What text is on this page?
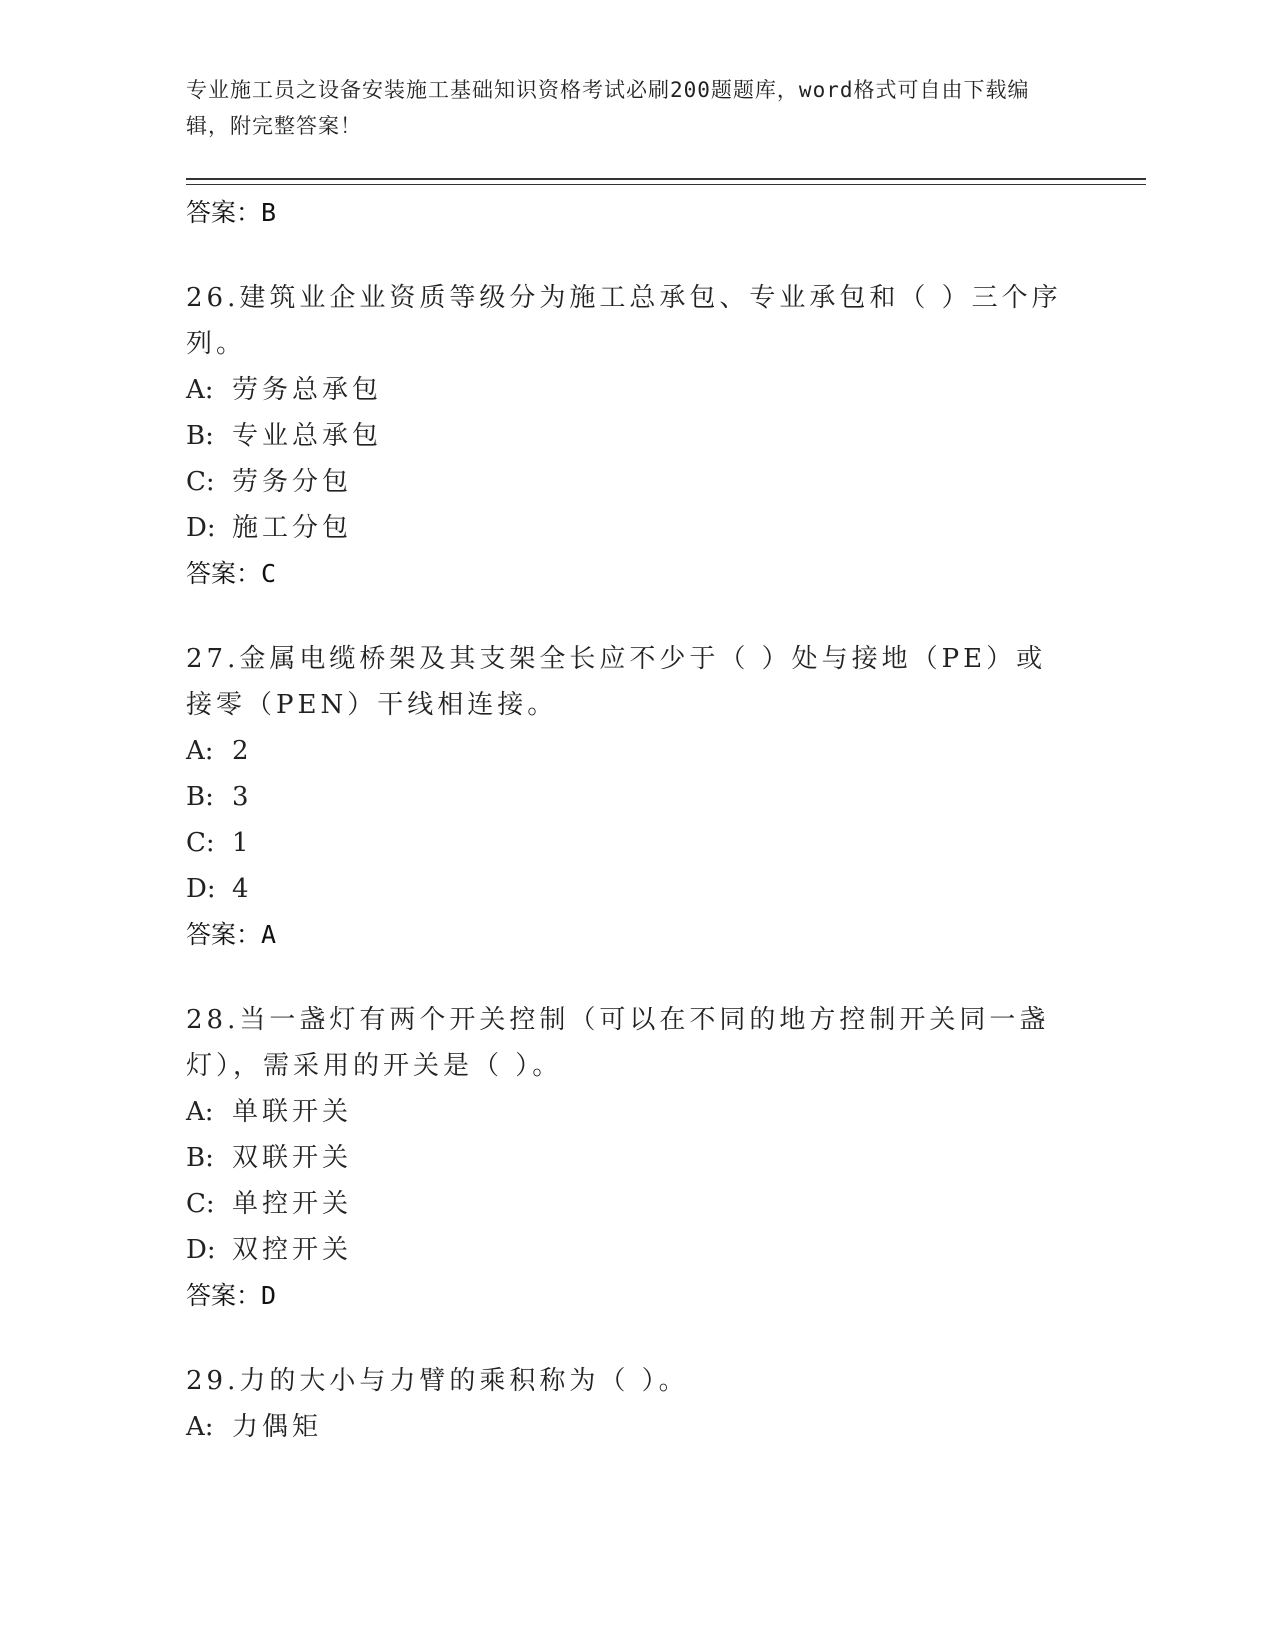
专业施工员之设备安装施工基础知识资格考试必刷200题题库，word格式可自由下载编辑，附完整答案！
答案：B
26.建筑业企业资质等级分为施工总承包、专业承包和（ ）三个序列。
A: 劳务总承包
B: 专业总承包
C: 劳务分包
D: 施工分包
答案：C
27.金属电缆桥架及其支架全长应不少于（ ）处与接地（PE）或接零（PEN）干线相连接。
A: 2
B: 3
C: 1
D: 4
答案：A
28.当一盏灯有两个开关控制（可以在不同的地方控制开关同一盏灯），需采用的开关是（ ）。
A: 单联开关
B: 双联开关
C: 单控开关
D: 双控开关
答案：D
29.力的大小与力臂的乘积称为（ ）。
A: 力偶矩
